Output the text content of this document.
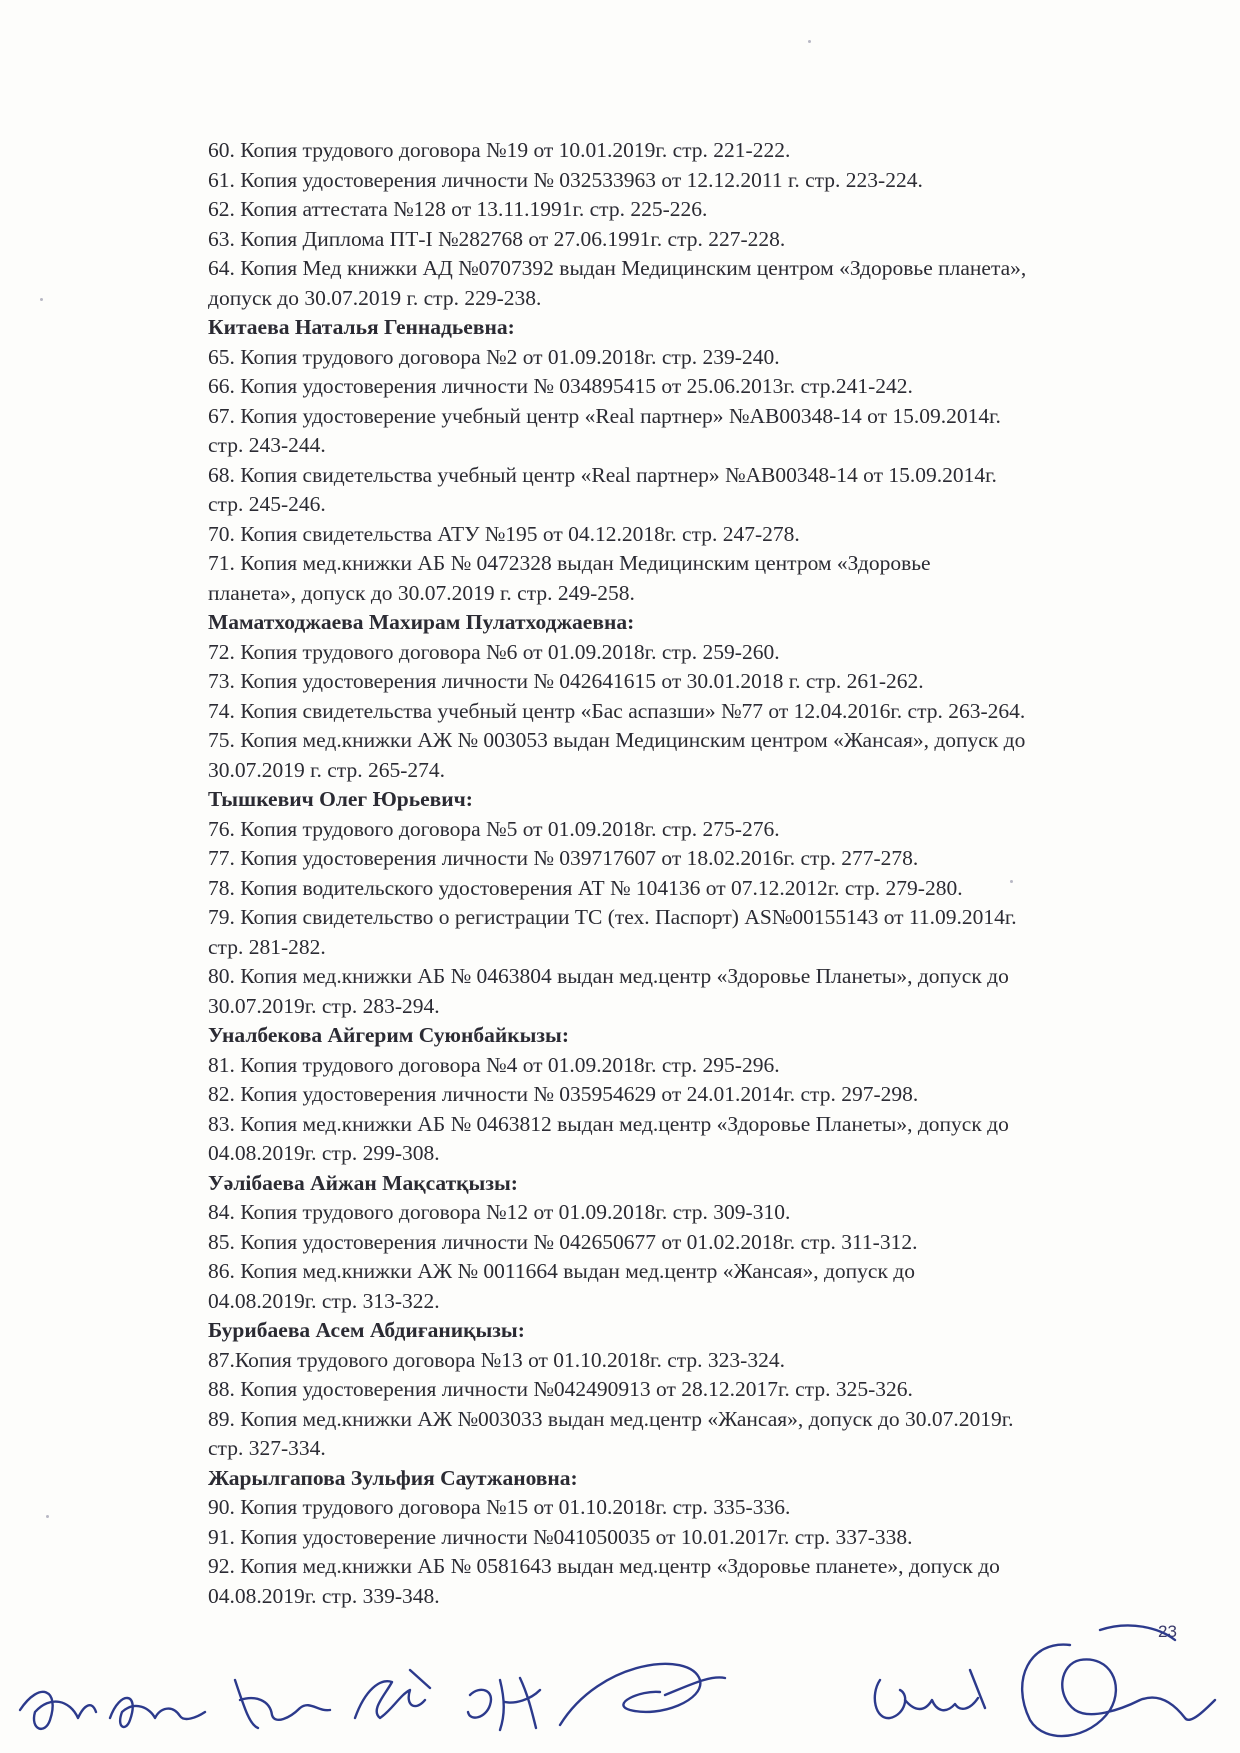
60. Копия трудового договора №19 от 10.01.2019г. стр. 221-222.
61. Копия удостоверения личности № 032533963 от 12.12.2011 г. стр. 223-224.
62. Копия аттестата №128 от 13.11.1991г. стр. 225-226.
63. Копия Диплома ПТ-I №282768 от 27.06.1991г. стр. 227-228.
64. Копия Мед книжки АД №0707392 выдан Медицинским центром «Здоровье планета»,
допуск до 30.07.2019 г. стр. 229-238.
Китаева Наталья Геннадьевна:
65. Копия трудового договора №2 от 01.09.2018г. стр. 239-240.
66. Копия удостоверения личности № 034895415 от 25.06.2013г. стр.241-242.
67. Копия удостоверение учебный центр «Real партнер» №АВ00348-14 от 15.09.2014г.
стр. 243-244.
68. Копия свидетельства учебный центр «Real партнер» №АВ00348-14 от 15.09.2014г.
стр. 245-246.
70. Копия свидетельства АТУ №195 от 04.12.2018г. стр. 247-278.
71. Копия мед.книжки АБ № 0472328 выдан Медицинским центром «Здоровье
планета», допуск до 30.07.2019 г. стр. 249-258.
Маматходжаева Махирам Пулатходжаевна:
72. Копия трудового договора №6 от 01.09.2018г. стр. 259-260.
73. Копия удостоверения личности № 042641615 от 30.01.2018 г. стр. 261-262.
74. Копия свидетельства учебный центр «Бас аспазши» №77 от 12.04.2016г. стр. 263-264.
75. Копия мед.книжки АЖ № 003053 выдан Медицинским центром «Жансая», допуск до
30.07.2019 г. стр. 265-274.
Тышкевич Олег Юрьевич:
76. Копия трудового договора №5 от 01.09.2018г. стр. 275-276.
77. Копия удостоверения личности № 039717607 от 18.02.2016г. стр. 277-278.
78. Копия водительского удостоверения АТ № 104136 от 07.12.2012г. стр. 279-280.
79. Копия свидетельство о регистрации ТС (тех. Паспорт) AS№00155143 от 11.09.2014г.
стр. 281-282.
80. Копия мед.книжки АБ № 0463804 выдан мед.центр «Здоровье Планеты», допуск до
30.07.2019г. стр. 283-294.
Уналбекова Айгерим Суюнбайкызы:
81. Копия трудового договора №4 от 01.09.2018г. стр. 295-296.
82. Копия удостоверения личности № 035954629 от 24.01.2014г. стр. 297-298.
83. Копия мед.книжки АБ № 0463812 выдан мед.центр «Здоровье Планеты», допуск до
04.08.2019г. стр. 299-308.
Уәлібаева Айжан Мақсатқызы:
84. Копия трудового договора №12 от 01.09.2018г. стр. 309-310.
85. Копия удостоверения личности № 042650677 от 01.02.2018г. стр. 311-312.
86. Копия мед.книжки АЖ № 0011664 выдан мед.центр «Жансая», допуск до
04.08.2019г. стр. 313-322.
Бурибаева Асем Абдиғаниқызы:
87.Копия трудового договора №13 от 01.10.2018г. стр. 323-324.
88. Копия удостоверения личности №042490913 от 28.12.2017г. стр. 325-326.
89. Копия мед.книжки АЖ №003033 выдан мед.центр «Жансая», допуск до 30.07.2019г.
стр. 327-334.
Жарылгапова Зульфия Саутжановна:
90. Копия трудового договора №15 от 01.10.2018г. стр. 335-336.
91. Копия удостоверение личности №041050035 от 10.01.2017г. стр. 337-338.
92. Копия мед.книжки АБ № 0581643 выдан мед.центр «Здоровье планете», допуск до
04.08.2019г. стр. 339-348.
23
